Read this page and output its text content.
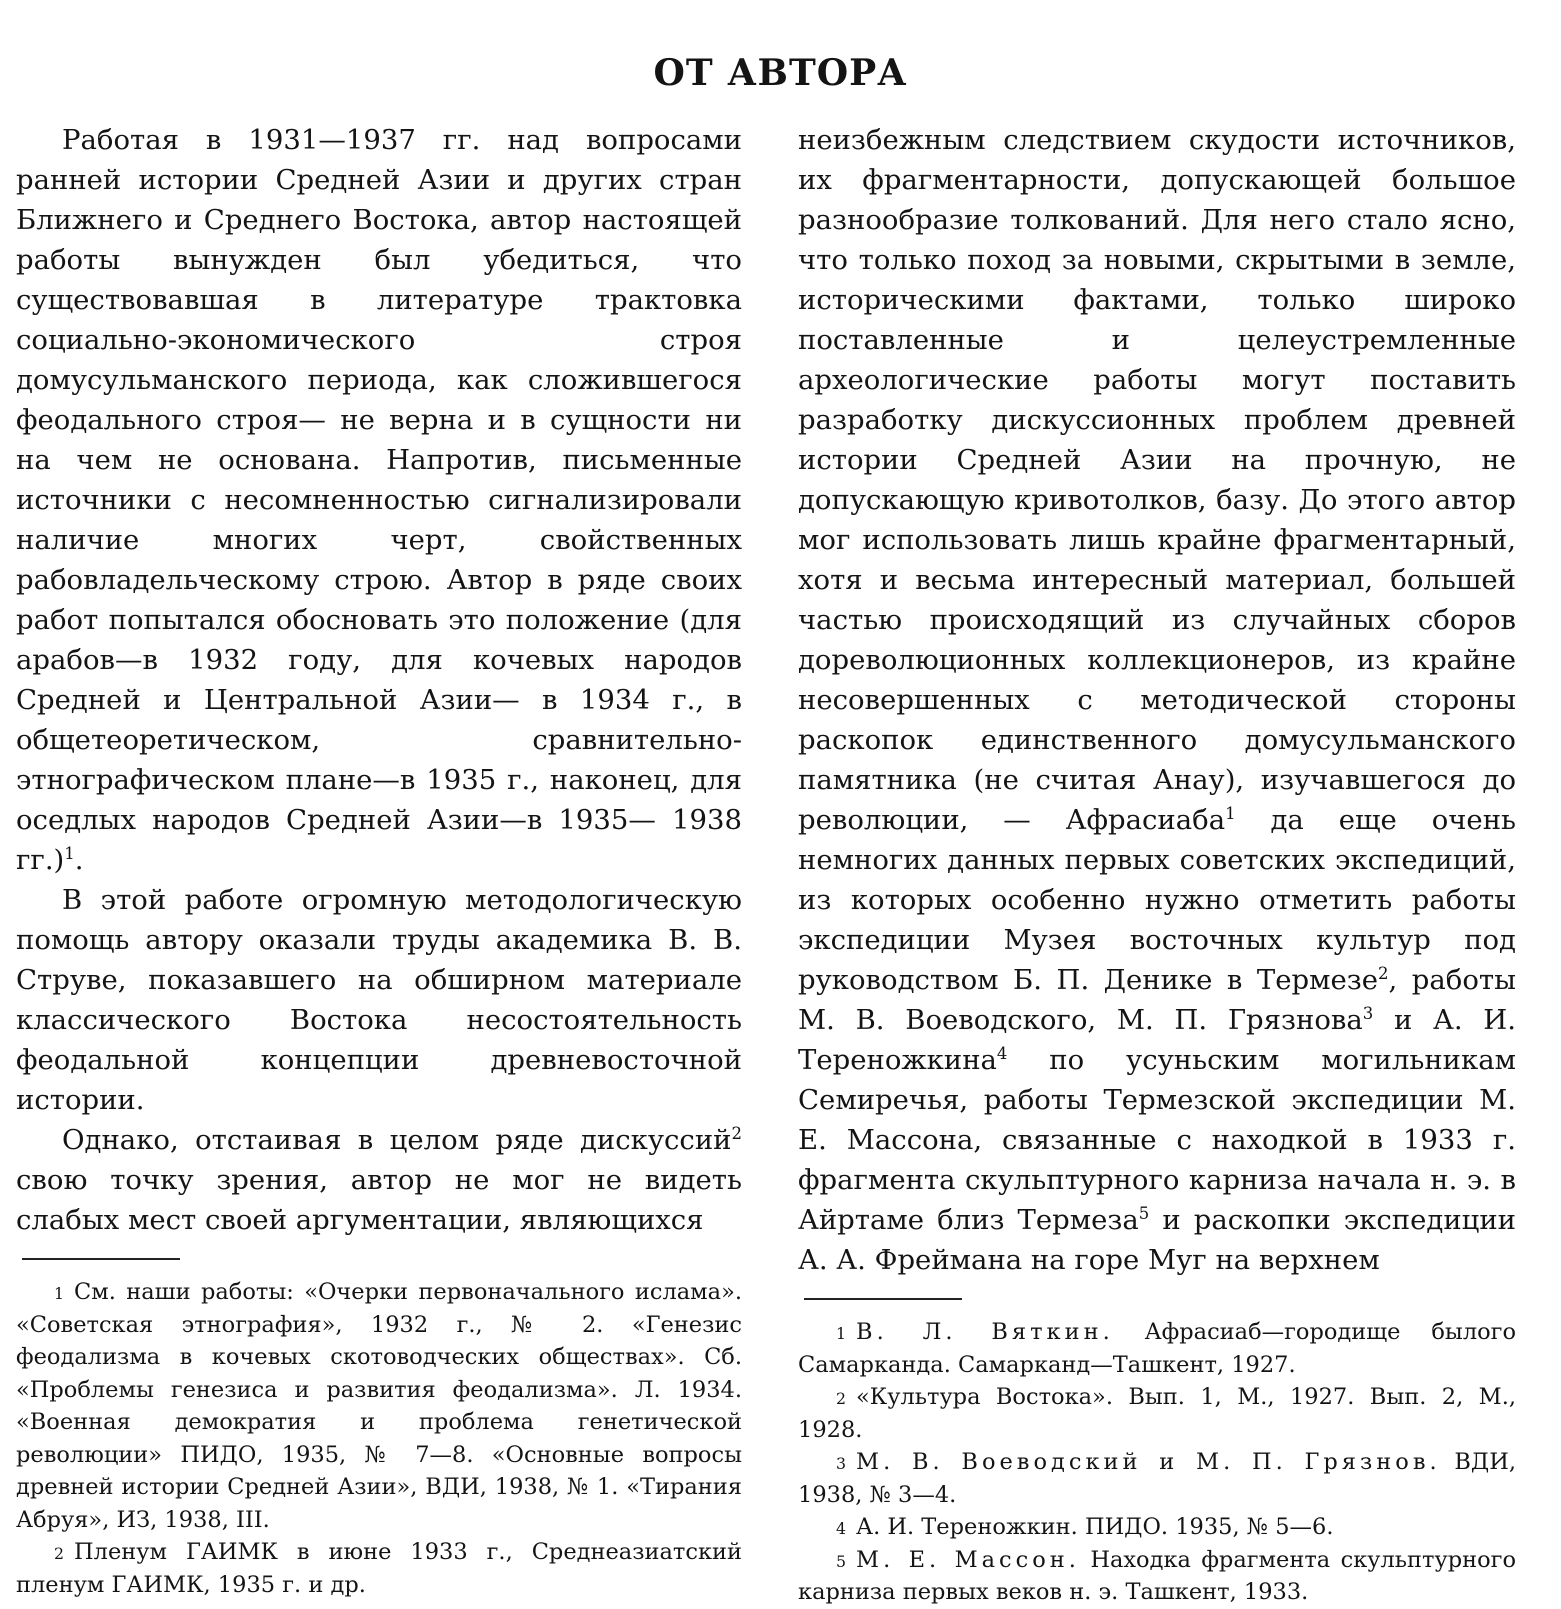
ОТ АВТОРА

Работая в 1931—1937 гг. над вопросами ранней истории Средней Азии и других стран Ближнего и Среднего Востока, автор настоящей работы вынужден был убедиться, что существовавшая в литературе трактовка социально-экономического строя домусульманского периода, как сложившегося феодального строя— не верна и в сущности ни на чем не основана. Напротив, письменные источники с несомненностью сигнализировали наличие многих черт, свойственных рабовладельческому строю. Автор в ряде своих работ попытался обосновать это положение (для арабов—в 1932 году, для кочевых народов Средней и Центральной Азии— в 1934 г., в общетеоретическом, сравнительно-этнографическом плане—в 1935 г., наконец, для оседлых народов Средней Азии—в 1935— 1938 гг.)$^1$.

В этой работе огромную методологическую помощь автору оказали труды академика В. В. Струве, показавшего на обширном материале классического Востока несостоятельность феодальной концепции древневосточной истории.

Однако, отстаивая в целом ряде дискуссий$^2$ свою точку зрения, автор не мог не видеть слабых мест своей аргументации, являющихся

1 См. наши работы: «Очерки первоначального ислама». «Советская этнография», 1932 г., № 2. «Генезис феодализма в кочевых скотоводческих обществах». Сб. «Проблемы генезиса и развития феодализма». Л. 1934. «Военная демократия и проблема генетической революции» ПИДО, 1935, № 7—8. «Основные вопросы древней истории Средней Азии», ВДИ, 1938, № 1. «Тирания Абруя», ИЗ, 1938, III.

2 Пленум ГАИМК в июне 1933 г., Среднеазиатский пленум ГАИМК, 1935 г. и др.

неизбежным следствием скудости источников, их фрагментарности, допускающей большое разнообразие толкований. Для него стало ясно, что только поход за новыми, скрытыми в земле, историческими фактами, только широко поставленные и целеустремленные археологические работы могут поставить разработку дискуссионных проблем древней истории Средней Азии на прочную, не допускающую кривотолков, базу. До этого автор мог использовать лишь крайне фрагментарный, хотя и весьма интересный материал, большей частью происходящий из случайных сборов дореволюционных коллекционеров, из крайне несовершенных с методической стороны раскопок единственного домусульманского памятника (не считая Анау), изучавшегося до революции, — Афрасиаба$^1$ да еще очень немногих данных первых советских экспедиций, из которых особенно нужно отметить работы экспедиции Музея восточных культур под руководством Б. П. Денике в Термезе$^2$, работы М. В. Воеводского, М. П. Грязнова$^3$ и А. И. Тереножкина$^4$ по усуньским могильникам Семиречья, работы Термезской экспедиции М. Е. Массона, связанные с находкой в 1933 г. фрагмента скульптурного карниза начала н. э. в Айртаме близ Термеза$^5$ и раскопки экспедиции А. А. Фреймана на горе Муг на верхнем

1 В. Л. Вяткин. Афрасиаб—городище былого Самарканда. Самарканд—Ташкент, 1927.

2 «Культура Востока». Вып. 1, М., 1927. Вып. 2, М., 1928.

3 М. В. Воеводский и М. П. Грязнов. ВДИ, 1938, № 3—4.

4 А. И. Тереножкин. ПИДО. 1935, № 5—6.

5 М. Е. Массон. Находка фрагмента скульптурного карниза первых веков н. э. Ташкент, 1933.
